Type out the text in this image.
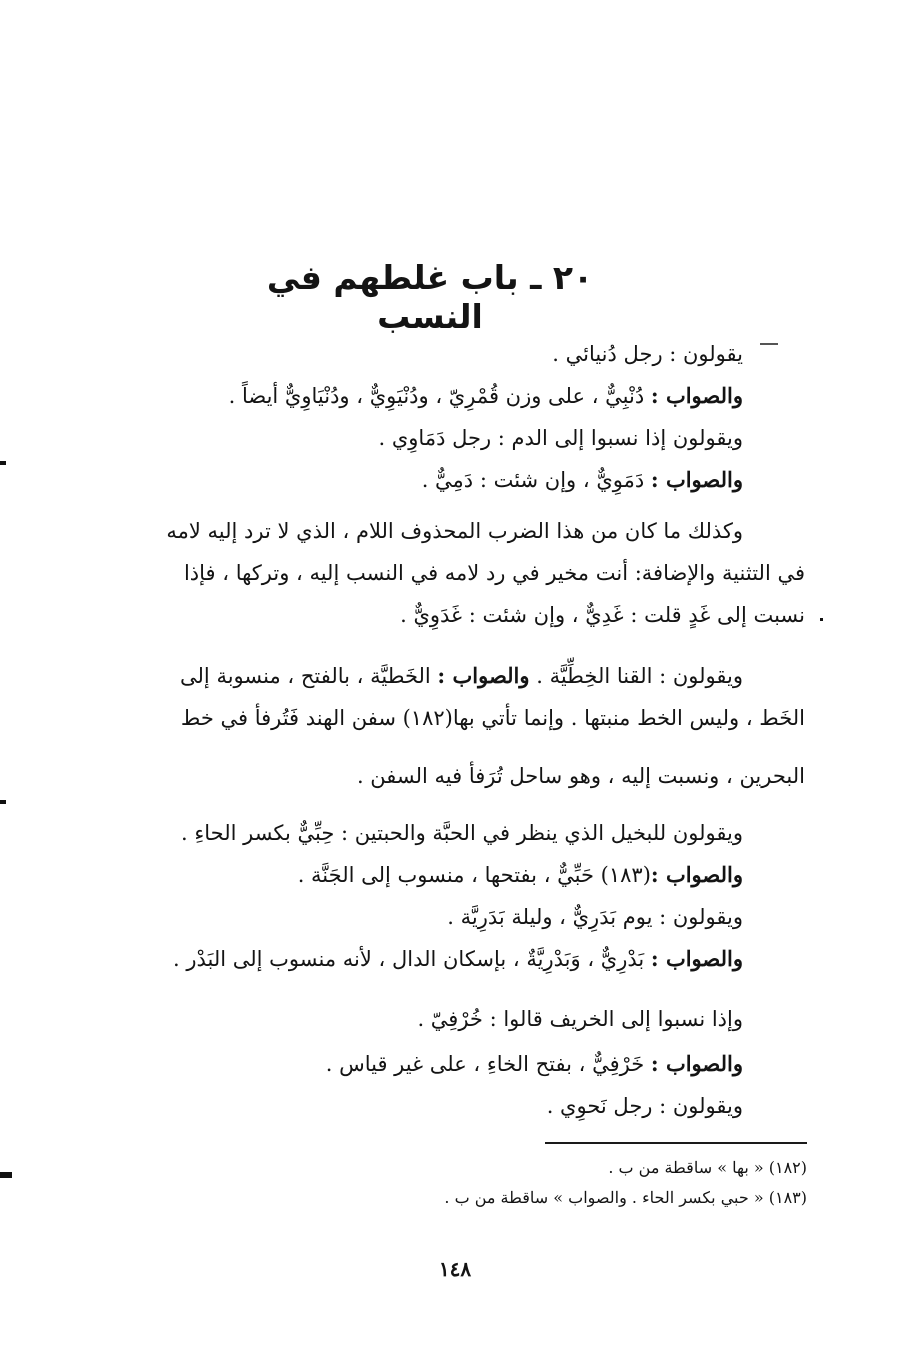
٢٠ ـ باب غلطهم في النسب
يقولون : رجل دُنيائي .
والصواب : دُنْبِيٌّ ، على وزن قُمْرِيّ ، ودُنْيَوِيٌّ ، ودُنْيَاوِيٌّ أيضاً .
ويقولون إذا نسبوا إلى الدم : رجل دَمَاوِي .
والصواب : دَمَوِيٌّ ، وإن شئت : دَمِيٌّ .
وكذلك ما كان من هذا الضرب المحذوف اللام ، الذي لا ترد إليه لامه
في التثنية والإضافة: أنت مخير في رد لامه في النسب إليه ، وتركها ، فإذا
نسبت إلى غَدٍ قلت : غَدِيٌّ ، وإن شئت : غَدَوِيٌّ .
ويقولون : القنا الخِطِّيَّة . والصواب : الخَطيَّة ، بالفتح ، منسوبة إلى
الخَط ، وليس الخط منبتها . وإنما تأتي بها(١٨٢) سفن الهند فَتُرفأ في خط
البحرين ، ونسبت إليه ، وهو ساحل تُرَفأ فيه السفن .
ويقولون للبخيل الذي ينظر في الحبَّة والحبتين : حِبِّيٌّ بكسر الحاءِ .
والصواب :(١٨٣) حَبِّيٌّ ، بفتحها ، منسوب إلى الجَنَّة .
ويقولون : يوم بَدَرِيٌّ ، وليلة بَدَرِيَّة .
والصواب : بَدْرِيٌّ ، وَبَدْرِيَّةٌ ، بإسكان الدال ، لأنه منسوب إلى البَدْر .
وإذا نسبوا إلى الخريف قالوا : خُرْفِيّ .
والصواب : خَرْفِيٌّ ، بفتح الخاءِ ، على غير قياس .
ويقولون : رجل نَحوِي .
(١٨٢) « بها » ساقطة من ب .
(١٨٣) « حبي بكسر الحاء . والصواب » ساقطة من ب .
١٤٨
